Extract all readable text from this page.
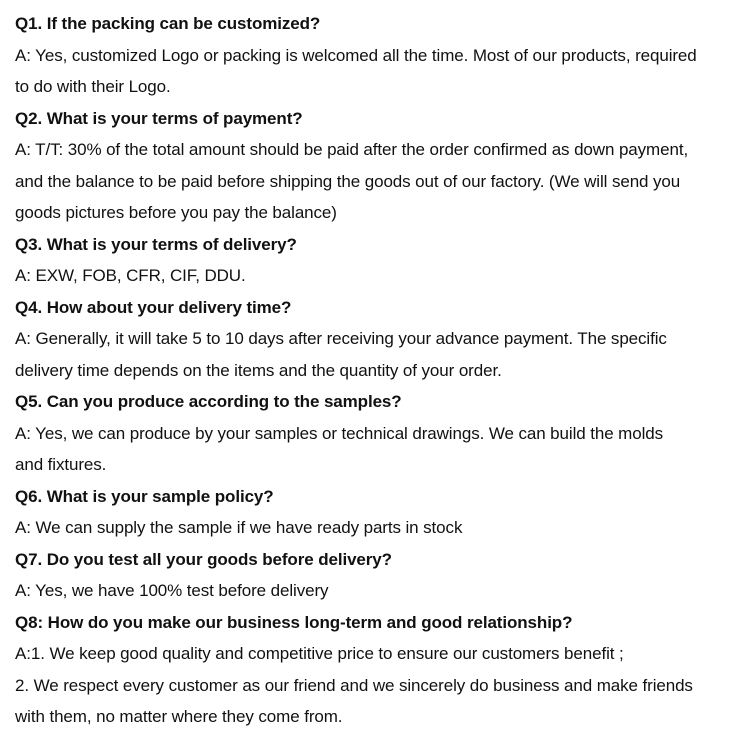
Q1. If the packing can be customized?
A: Yes, customized Logo or packing is welcomed all the time. Most of our products, required
to do with their Logo.
Q2. What is your terms of payment?
A: T/T: 30% of the total amount should be paid after the order confirmed as down payment,
and the balance to be paid before shipping the goods out of our factory. (We will send you
goods pictures before you pay the balance)
Q3. What is your terms of delivery?
A: EXW, FOB, CFR, CIF, DDU.
Q4. How about your delivery time?
A: Generally, it will take 5 to 10 days after receiving your advance payment. The specific
delivery time depends on the items and the quantity of your order.
Q5. Can you produce according to the samples?
A: Yes, we can produce by your samples or technical drawings. We can build the molds
and fixtures.
Q6. What is your sample policy?
A: We can supply the sample if we have ready parts in stock
Q7. Do you test all your goods before delivery?
A: Yes, we have 100% test before delivery
Q8: How do you make our business long-term and good relationship?
A:1. We keep good quality and competitive price to ensure our customers benefit ;
2. We respect every customer as our friend and we sincerely do business and make friends
with them, no matter where they come from.
